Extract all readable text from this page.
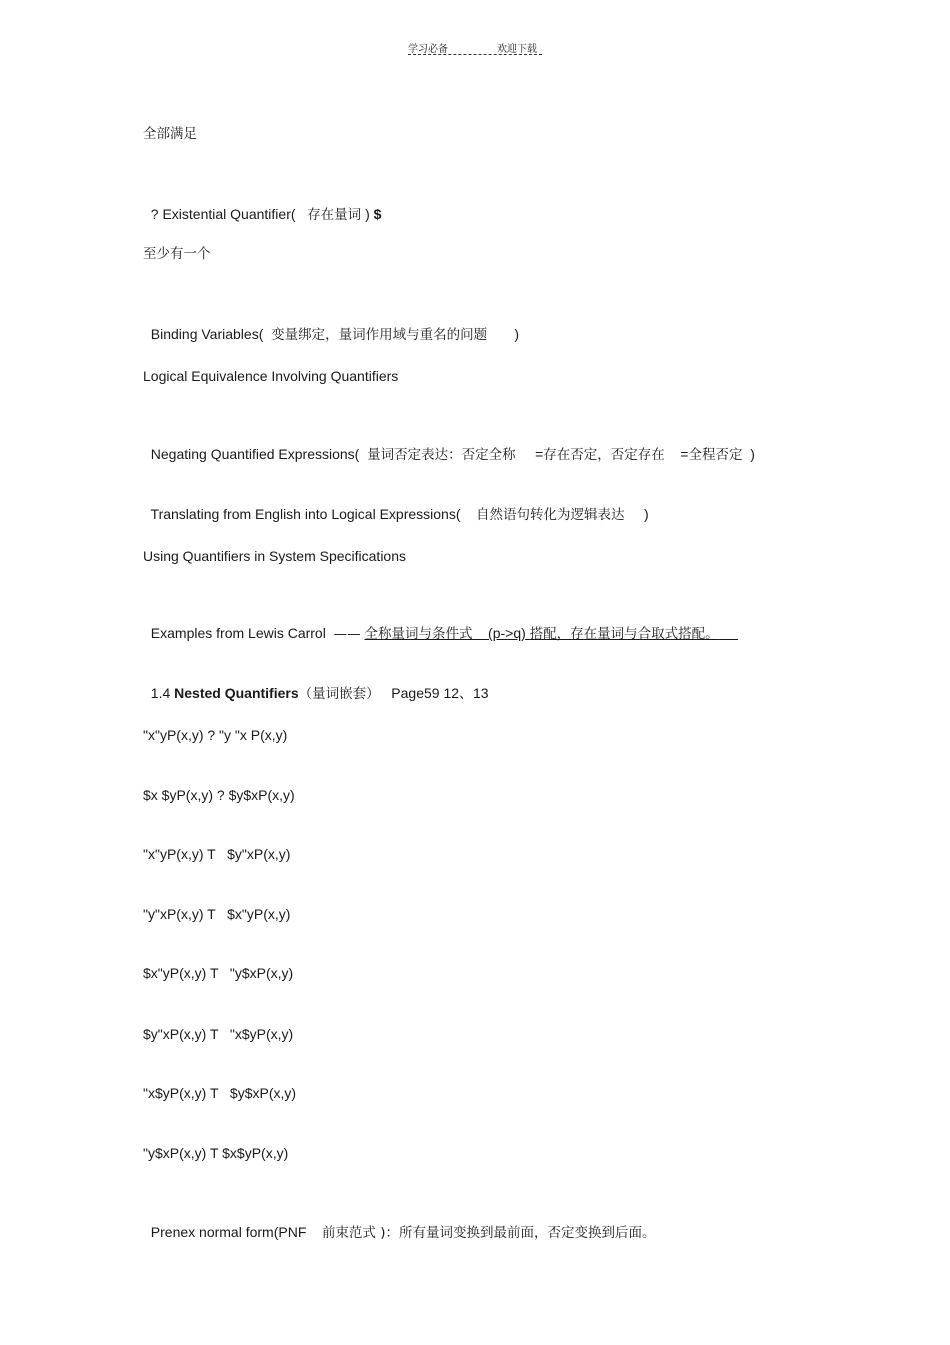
学习必备	欢迎下载
全部满足

? Existential Quantifier(   存在量词 ) $

至少有一个

Binding Variables(  变量绑定，量词作用域与重名的问题       )

Logical Equivalence Involving Quantifiers

Negating Quantified Expressions(  量词否定表达：否定全称     =存在否定，否定存在    =全程否定  )

Translating from English into Logical Expressions(    自然语句转化为逻辑表达     )

Using Quantifiers in System Specifications

Examples from Lewis Carrol  —— 全称量词与条件式    (p->q) 搭配，存在量词与合取式搭配。

1.4 Nested Quantifiers（量词嵌套）   Page59 12、13

"x"yP(x,y) ? "y "x P(x,y)
$x $yP(x,y) ? $y$xP(x,y)
"x"yP(x,y) T   $y"xP(x,y)
"y"xP(x,y) T   $x"yP(x,y)
$x"yP(x,y) T   "y$xP(x,y)
$y"xP(x,y) T   "x$yP(x,y)
"x$yP(x,y) T   $y$xP(x,y)
"y$xP(x,y) T $x$yP(x,y)

Prenex normal form(PNF    前束范式 )：所有量词变换到最前面，否定变换到后面。
